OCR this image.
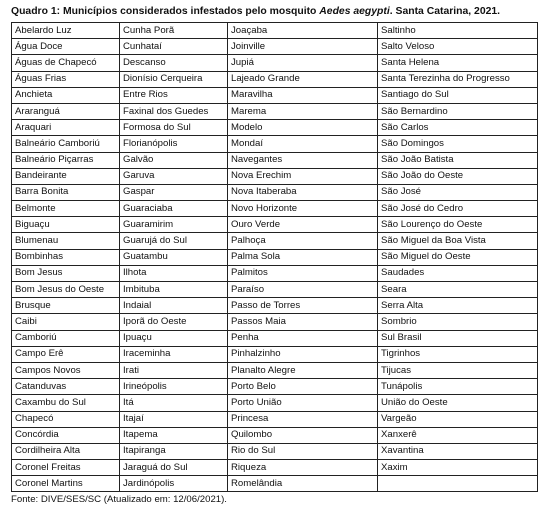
Quadro 1: Municípios considerados infestados pelo mosquito Aedes aegypti. Santa Catarina, 2021.
Abelardo Luz	Cunha Porã	Joaçaba	Saltinho
Água Doce	Cunhataí	Joinville	Salto Veloso
Águas de Chapecó	Descanso	Jupiá	Santa Helena
Águas Frias	Dionísio Cerqueira	Lajeado Grande	Santa Terezinha do Progresso
Anchieta	Entre Rios	Maravilha	Santiago do Sul
Araranguá	Faxinal dos Guedes	Marema	São Bernardino
Araquari	Formosa do Sul	Modelo	São Carlos
Balneário Camboriú	Florianópolis	Mondaí	São Domingos
Balneário Piçarras	Galvão	Navegantes	São João Batista
Bandeirante	Garuva	Nova Erechim	São João do Oeste
Barra Bonita	Gaspar	Nova Itaberaba	São José
Belmonte	Guaraciaba	Novo Horizonte	São José do Cedro
Biguaçu	Guaramirim	Ouro Verde	São Lourenço do Oeste
Blumenau	Guarujá do Sul	Palhoça	São Miguel da Boa Vista
Bombinhas	Guatambu	Palma Sola	São Miguel do Oeste
Bom Jesus	Ilhota	Palmitos	Saudades
Bom Jesus do Oeste	Imbituba	Paraíso	Seara
Brusque	Indaial	Passo de Torres	Serra Alta
Caibi	Iporã do Oeste	Passos Maia	Sombrio
Camboriú	Ipuaçu	Penha	Sul Brasil
Campo Erê	Iraceminha	Pinhalzinho	Tigrinhos
Campos Novos	Irati	Planalto Alegre	Tijucas
Catanduvas	Irineópolis	Porto Belo	Tunápolis
Caxambu do Sul	Itá	Porto União	União do Oeste
Chapecó	Itajaí	Princesa	Vargeão
Concórdia	Itapema	Quilombo	Xanxerê
Cordilheira Alta	Itapiranga	Rio do Sul	Xavantina
Coronel Freitas	Jaraguá do Sul	Riqueza	Xaxim
Coronel Martins	Jardinópolis	Romelândia	
Fonte: DIVE/SES/SC (Atualizado em: 12/06/2021).
